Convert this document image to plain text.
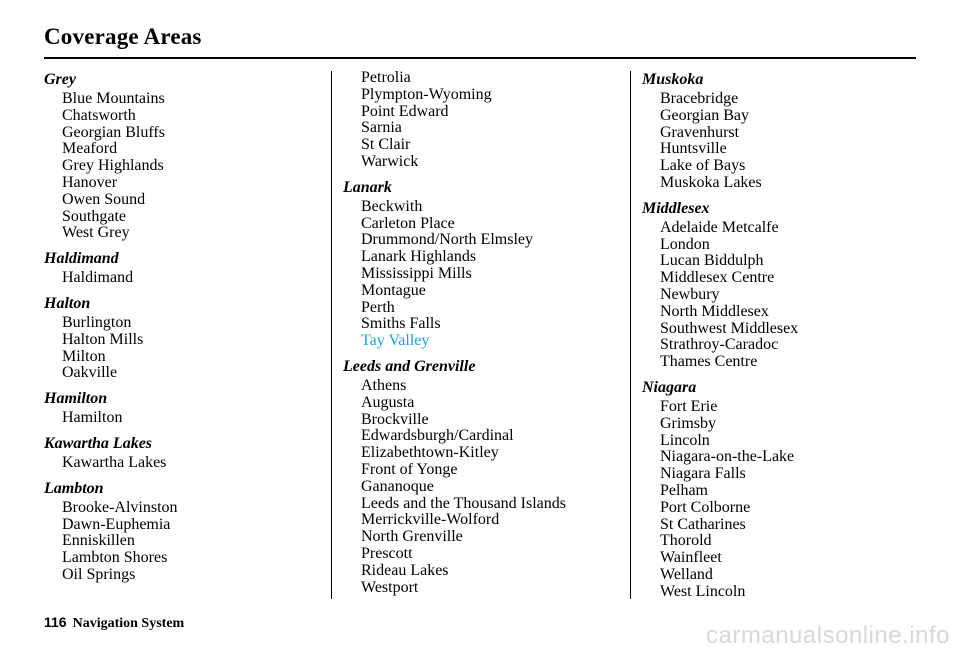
Coverage Areas
Grey
Blue Mountains
Chatsworth
Georgian Bluffs
Meaford
Grey Highlands
Hanover
Owen Sound
Southgate
West Grey
Haldimand
Haldimand
Halton
Burlington
Halton Mills
Milton
Oakville
Hamilton
Hamilton
Kawartha Lakes
Kawartha Lakes
Lambton
Brooke-Alvinston
Dawn-Euphemia
Enniskillen
Lambton Shores
Oil Springs
Petrolia
Plympton-Wyoming
Point Edward
Sarnia
St Clair
Warwick
Lanark
Beckwith
Carleton Place
Drummond/North Elmsley
Lanark Highlands
Mississippi Mills
Montague
Perth
Smiths Falls
Tay Valley
Leeds and Grenville
Athens
Augusta
Brockville
Edwardsburgh/Cardinal
Elizabethtown-Kitley
Front of Yonge
Gananoque
Leeds and the Thousand Islands
Merrickville-Wolford
North Grenville
Prescott
Rideau Lakes
Westport
Muskoka
Bracebridge
Georgian Bay
Gravenhurst
Huntsville
Lake of Bays
Muskoka Lakes
Middlesex
Adelaide Metcalfe
London
Lucan Biddulph
Middlesex Centre
Newbury
North Middlesex
Southwest Middlesex
Strathroy-Caradoc
Thames Centre
Niagara
Fort Erie
Grimsby
Lincoln
Niagara-on-the-Lake
Niagara Falls
Pelham
Port Colborne
St Catharines
Thorold
Wainfleet
Welland
West Lincoln
116 Navigation System	carmanualsonline.info
